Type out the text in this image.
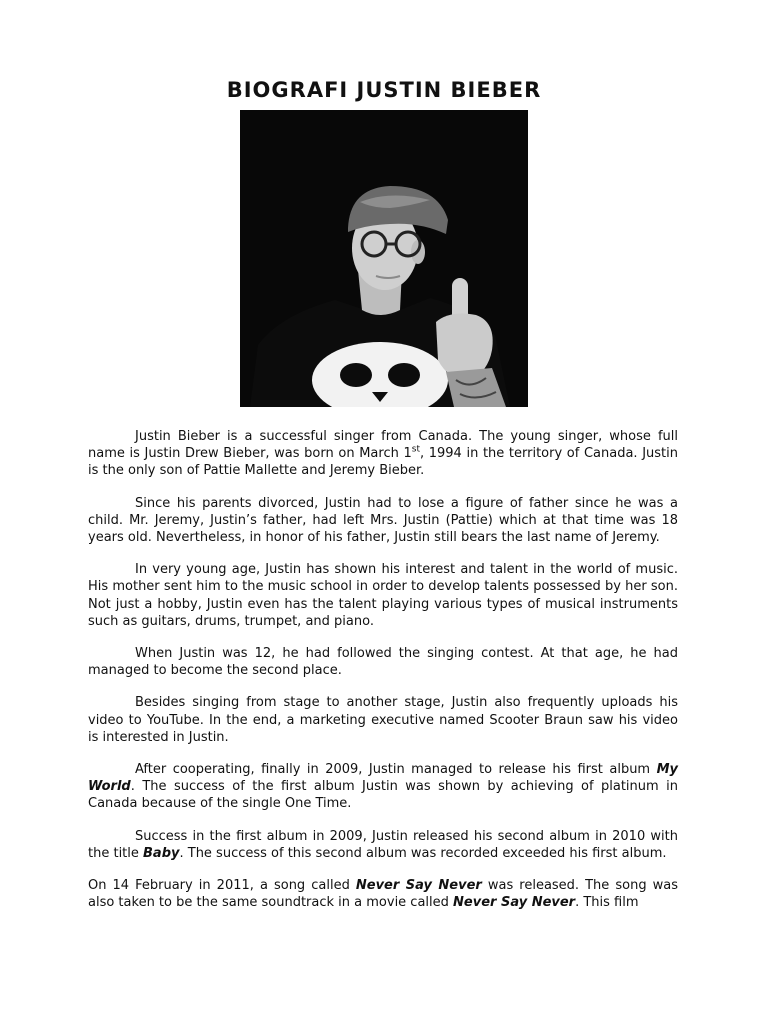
BIOGRAFI JUSTIN BIEBER

Justin Bieber is a successful singer from Canada. The young singer, whose full name is Justin Drew Bieber, was born on March 1st, 1994 in the territory of Canada. Justin is the only son of Pattie Mallette and Jeremy Bieber.

Since his parents divorced, Justin had to lose a figure of father since he was a child. Mr. Jeremy, Justin’s father, had left Mrs. Justin (Pattie) which at that time was 18 years old. Nevertheless, in honor of his father, Justin still bears the last name of Jeremy.

In very young age, Justin has shown his interest and talent in the world of music. His mother sent him to the music school in order to develop talents possessed by her son. Not just a hobby, Justin even has the talent playing various types of musical instruments such as guitars, drums, trumpet, and piano.

When Justin was 12, he had followed the singing contest. At that age, he had managed to become the second place.

Besides singing from stage to another stage, Justin also frequently uploads his video to YouTube. In the end, a marketing executive named Scooter Braun saw his video is interested in Justin.

After cooperating, finally in 2009, Justin managed to release his first album My World. The success of the first album Justin was shown by achieving of platinum in Canada because of the single One Time.

Success in the first album in 2009, Justin released his second album in 2010 with the title Baby. The success of this second album was recorded exceeded his first album.

On 14 February in 2011, a song called Never Say Never was released. The song was also taken to be the same soundtrack in a movie called Never Say Never. This film
